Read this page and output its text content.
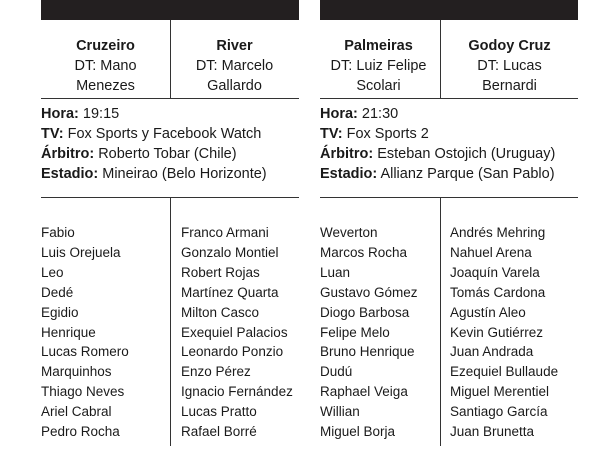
Cruzeiro
DT: Mano
Menezes
River
DT: Marcelo
Gallardo
Hora: 19:15
TV: Fox Sports y Facebook Watch
Árbitro: Roberto Tobar (Chile)
Estadio: Mineirao (Belo Horizonte)
Fabio
Luis Orejuela
Leo
Dedé
Egidio
Henrique
Lucas Romero
Marquinhos
Thiago Neves
Ariel Cabral
Pedro Rocha
Franco Armani
Gonzalo Montiel
Robert Rojas
Martínez Quarta
Milton Casco
Exequiel Palacios
Leonardo Ponzio
Enzo Pérez
Ignacio Fernández
Lucas Pratto
Rafael Borré
Palmeiras
DT: Luiz Felipe
Scolari
Godoy Cruz
DT: Lucas
Bernardi
Hora: 21:30
TV: Fox Sports 2
Árbitro: Esteban Ostojich (Uruguay)
Estadio: Allianz Parque (San Pablo)
Weverton
Marcos Rocha
Luan
Gustavo Gómez
Diogo Barbosa
Felipe Melo
Bruno Henrique
Dudú
Raphael Veiga
Willian
Miguel Borja
Andrés Mehring
Nahuel Arena
Joaquín Varela
Tomás Cardona
Agustín Aleo
Kevin Gutiérrez
Juan Andrada
Ezequiel Bullaude
Miguel Merentiel
Santiago García
Juan Brunetta
